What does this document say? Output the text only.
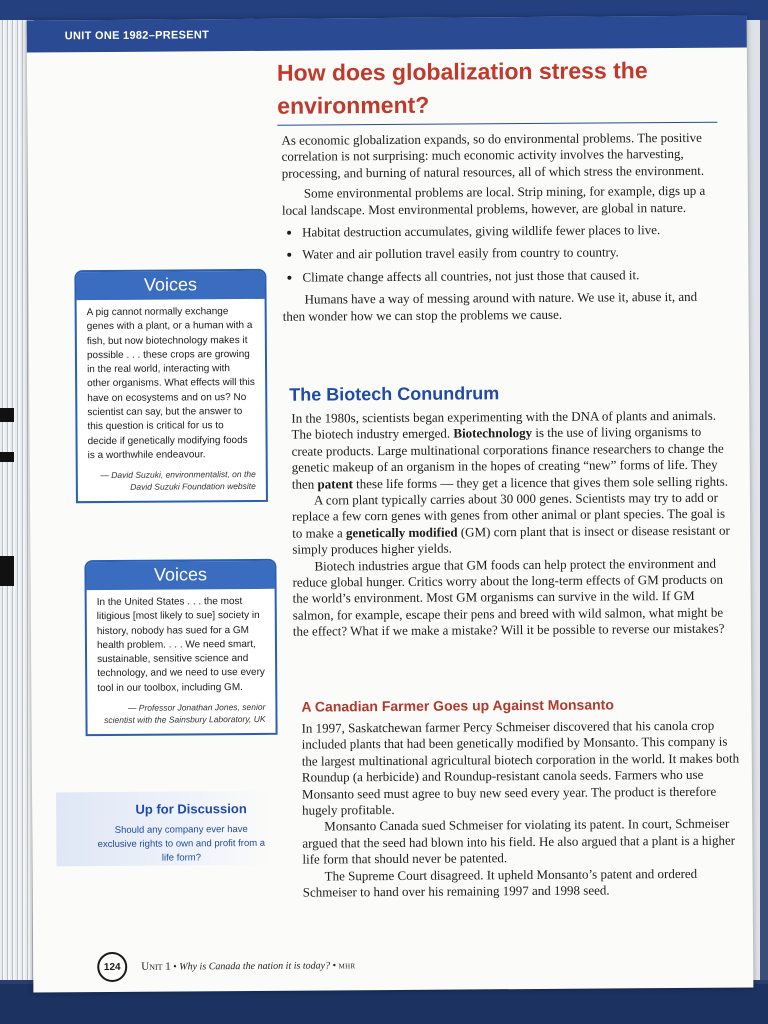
UNIT ONE 1982–PRESENT
How does globalization stress the environment?

As economic globalization expands, so do environmental problems. The positive correlation is not surprising: much economic activity involves the harvesting, processing, and burning of natural resources, all of which stress the environment.

Some environmental problems are local. Strip mining, for example, digs up a local landscape. Most environmental problems, however, are global in nature.

• Habitat destruction accumulates, giving wildlife fewer places to live.
• Water and air pollution travel easily from country to country.
• Climate change affects all countries, not just those that caused it.

Humans have a way of messing around with nature. We use it, abuse it, and then wonder how we can stop the problems we cause.

The Biotech Conundrum

In the 1980s, scientists began experimenting with the DNA of plants and animals. The biotech industry emerged. Biotechnology is the use of living organisms to create products. Large multinational corporations finance researchers to change the genetic makeup of an organism in the hopes of creating “new” forms of life. They then patent these life forms — they get a licence that gives them sole selling rights.

A corn plant typically carries about 30 000 genes. Scientists may try to add or replace a few corn genes with genes from other animal or plant species. The goal is to make a genetically modified (GM) corn plant that is insect or disease resistant or simply produces higher yields.

Biotech industries argue that GM foods can help protect the environment and reduce global hunger. Critics worry about the long-term effects of GM products on the world’s environment. Most GM organisms can survive in the wild. If GM salmon, for example, escape their pens and breed with wild salmon, what might be the effect? What if we make a mistake? Will it be possible to reverse our mistakes?

A Canadian Farmer Goes up Against Monsanto

In 1997, Saskatchewan farmer Percy Schmeiser discovered that his canola crop included plants that had been genetically modified by Monsanto. This company is the largest multinational agricultural biotech corporation in the world. It makes both Roundup (a herbicide) and Roundup-resistant canola seeds. Farmers who use Monsanto seed must agree to buy new seed every year. The product is therefore hugely profitable.

Monsanto Canada sued Schmeiser for violating its patent. In court, Schmeiser argued that the seed had blown into his field. He also argued that a plant is a higher life form that should never be patented.

The Supreme Court disagreed. It upheld Monsanto’s patent and ordered Schmeiser to hand over his remaining 1997 and 1998 seed.

Voices
A pig cannot normally exchange genes with a plant, or a human with a fish, but now biotechnology makes it possible . . . these crops are growing in the real world, interacting with other organisms. What effects will this have on ecosystems and on us? No scientist can say, but the answer to this question is critical for us to decide if genetically modifying foods is a worthwhile endeavour.
— David Suzuki, environmentalist, on the David Suzuki Foundation website
Voices
In the United States . . . the most litigious [most likely to sue] society in history, nobody has sued for a GM health problem. . . . We need smart, sustainable, sensitive science and technology, and we need to use every tool in our toolbox, including GM.
— Professor Jonathan Jones, senior scientist with the Sainsbury Laboratory, UK
Up for Discussion
Should any company ever have exclusive rights to own and profit from a life form?
124	Unit 1 • Why is Canada the nation it is today? • MHR
